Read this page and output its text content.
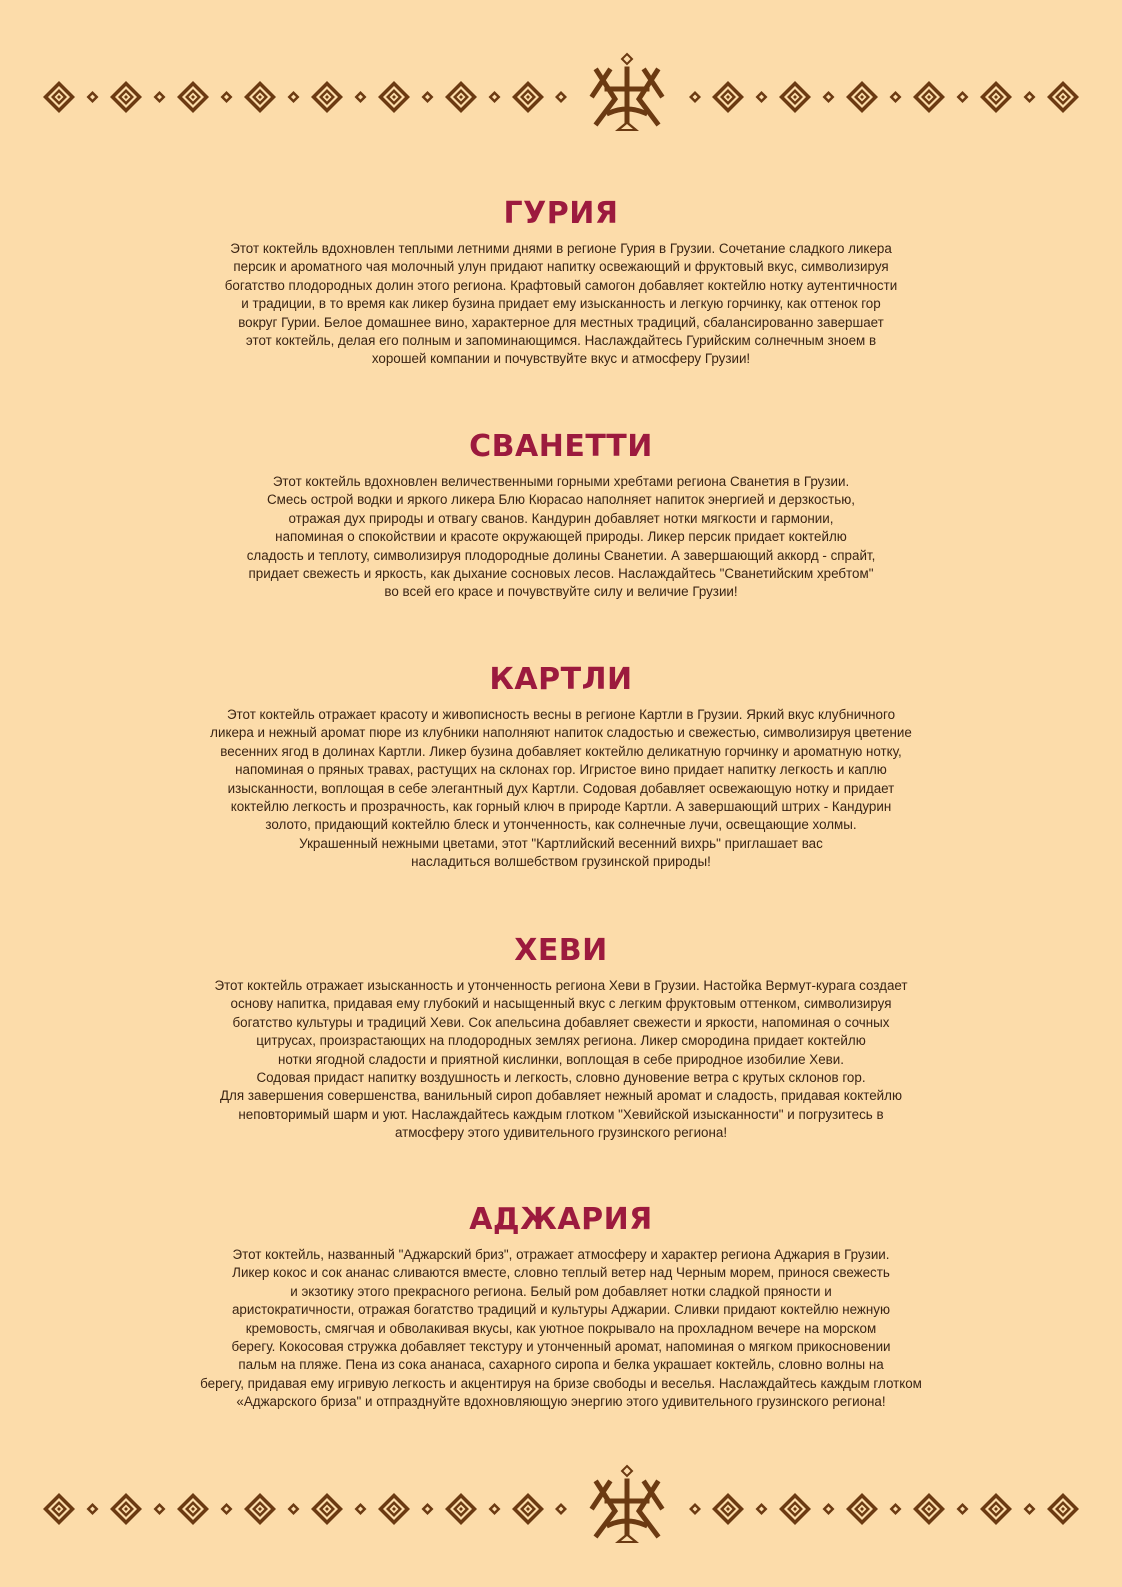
ГУРИЯ

Этот коктейль вдохновлен теплыми летними днями в регионе Гурия в Грузии. Сочетание сладкого ликера
персик и ароматного чая молочный улун придают напитку освежающий и фруктовый вкус, символизируя
богатство плодородных долин этого региона. Крафтовый самогон добавляет коктейлю нотку аутентичности
и традиции, в то время как ликер бузина придает ему изысканность и легкую горчинку, как оттенок гор
вокруг Гурии. Белое домашнее вино, характерное для местных традиций, сбалансированно завершает
этот коктейль, делая его полным и запоминающимся. Наслаждайтесь Гурийским солнечным зноем в
хорошей компании и почувствуйте вкус и атмосферу Грузии!

СВАНЕТТИ

Этот коктейль вдохновлен величественными горными хребтами региона Сванетия в Грузии.
Смесь острой водки и яркого ликера Блю Кюрасао наполняет напиток энергией и дерзкостью,
отражая дух природы и отвагу сванов. Кандурин добавляет нотки мягкости и гармонии,
напоминая о спокойствии и красоте окружающей природы. Ликер персик придает коктейлю
сладость и теплоту, символизируя плодородные долины Сванетии. А завершающий аккорд - спрайт,
придает свежесть и яркость, как дыхание сосновых лесов. Наслаждайтесь "Сванетийским хребтом"
во всей его красе и почувствуйте силу и величие Грузии!

КАРТЛИ

Этот коктейль отражает красоту и живописность весны в регионе Картли в Грузии. Яркий вкус клубничного
ликера и нежный аромат пюре из клубники наполняют напиток сладостью и свежестью, символизируя цветение
весенних ягод в долинах Картли. Ликер бузина добавляет коктейлю деликатную горчинку и ароматную нотку,
напоминая о пряных травах, растущих на склонах гор. Игристое вино придает напитку легкость и каплю
изысканности, воплощая в себе элегантный дух Картли. Содовая добавляет освежающую нотку и придает
коктейлю легкость и прозрачность, как горный ключ в природе Картли. А завершающий штрих - Кандурин
золото, придающий коктейлю блеск и утонченность, как солнечные лучи, освещающие холмы.
Украшенный нежными цветами, этот "Картлийский весенний вихрь" приглашает вас
насладиться волшебством грузинской природы!

ХЕВИ

Этот коктейль отражает изысканность и утонченность региона Хеви в Грузии. Настойка Вермут-курага создает
основу напитка, придавая ему глубокий и насыщенный вкус с легким фруктовым оттенком, символизируя
богатство культуры и традиций Хеви. Сок апельсина добавляет свежести и яркости, напоминая о сочных
цитрусах, произрастающих на плодородных землях региона. Ликер смородина придает коктейлю
нотки ягодной сладости и приятной кислинки, воплощая в себе природное изобилие Хеви.
Содовая придаст напитку воздушность и легкость, словно дуновение ветра с крутых склонов гор.
Для завершения совершенства, ванильный сироп добавляет нежный аромат и сладость, придавая коктейлю
неповторимый шарм и уют. Наслаждайтесь каждым глотком "Хевийской изысканности" и погрузитесь в
атмосферу этого удивительного грузинского региона!

АДЖАРИЯ

Этот коктейль, названный "Аджарский бриз", отражает атмосферу и характер региона Аджария в Грузии.
Ликер кокос и сок ананас сливаются вместе, словно теплый ветер над Черным морем, принося свежесть
и экзотику этого прекрасного региона. Белый ром добавляет нотки сладкой пряности и
аристократичности, отражая богатство традиций и культуры Аджарии. Сливки придают коктейлю нежную
кремовость, смягчая и обволакивая вкусы, как уютное покрывало на прохладном вечере на морском
берегу. Кокосовая стружка добавляет текстуру и утонченный аромат, напоминая о мягком прикосновении
пальм на пляже. Пена из сока ананаса, сахарного сиропа и белка украшает коктейль, словно волны на
берегу, придавая ему игривую легкость и акцентируя на бризе свободы и веселья. Наслаждайтесь каждым глотком
«Аджарского бриза" и отпразднуйте вдохновляющую энергию этого удивительного грузинского региона!
